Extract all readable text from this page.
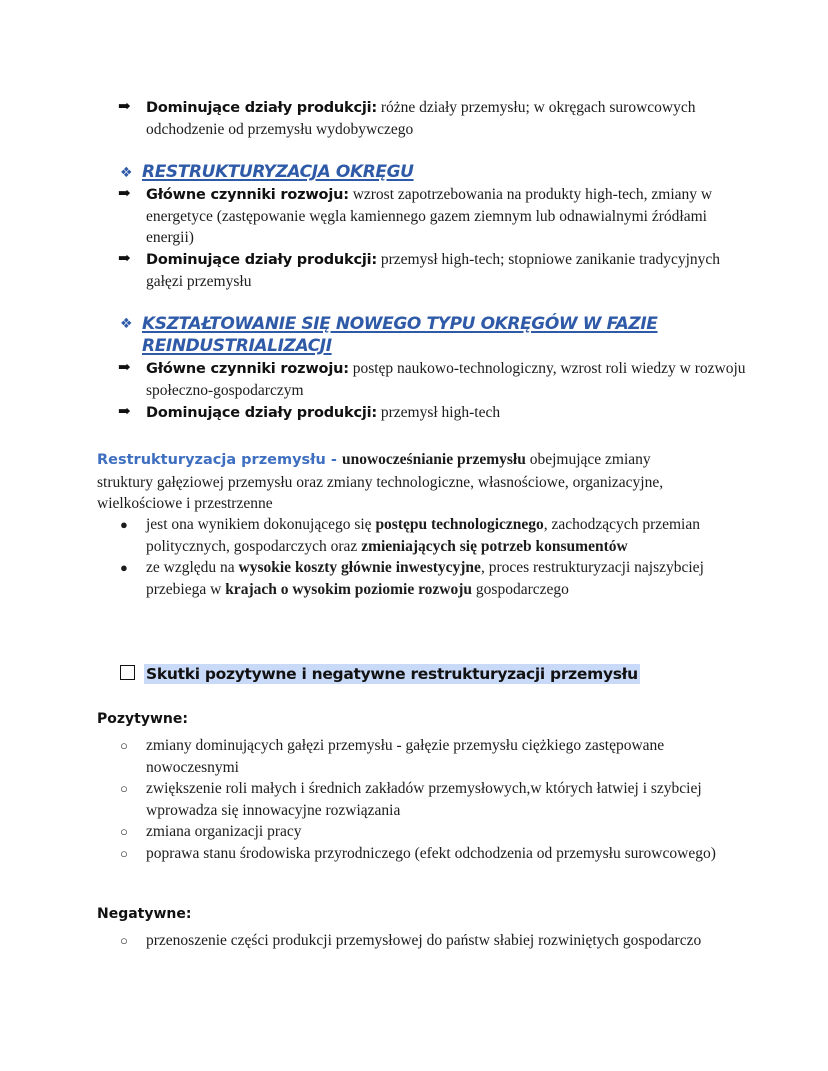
➡	Dominujące działy produkcji: różne działy przemysłu; w okręgach surowcowych odchodzenie od przemysłu wydobywczego
❖ RESTRUKTURYZACJA OKRĘGU
➡	Główne czynniki rozwoju: wzrost zapotrzebowania na produkty high-tech, zmiany w energetyce (zastępowanie węgla kamiennego gazem ziemnym lub odnawialnymi źródłami energii)
➡	Dominujące działy produkcji: przemysł high-tech; stopniowe zanikanie tradycyjnych gałęzi przemysłu
❖ KSZTAŁTOWANIE SIĘ NOWEGO TYPU OKRĘGÓW W FAZIE REINDUSTRIALIZACJI
➡	Główne czynniki rozwoju: postęp naukowo-technologiczny, wzrost roli wiedzy w rozwoju społeczno-gospodarczym
➡	Dominujące działy produkcji: przemysł high-tech
Restrukturyzacja przemysłu - unowocześnianie przemysłu obejmujące zmiany struktury gałęziowej przemysłu oraz zmiany technologiczne, własnościowe, organizacyjne, wielkościowe i przestrzenne
●	jest ona wynikiem dokonującego się postępu technologicznego, zachodzących przemian politycznych, gospodarczych oraz zmieniających się potrzeb konsumentów
●	ze względu na wysokie koszty głównie inwestycyjne, proces restrukturyzacji najszybciej przebiega w krajach o wysokim poziomie rozwoju gospodarczego
Skutki pozytywne i negatywne restrukturyzacji przemysłu
Pozytywne:
○	zmiany dominujących gałęzi przemysłu - gałęzie przemysłu ciężkiego zastępowane nowoczesnymi
○	zwiększenie roli małych i średnich zakładów przemysłowych,w których łatwiej i szybciej wprowadza się innowacyjne rozwiązania
○	zmiana organizacji pracy
○	poprawa stanu środowiska przyrodniczego (efekt odchodzenia od przemysłu surowcowego)
Negatywne:
○	przenoszenie części produkcji przemysłowej do państw słabiej rozwiniętych gospodarczo
